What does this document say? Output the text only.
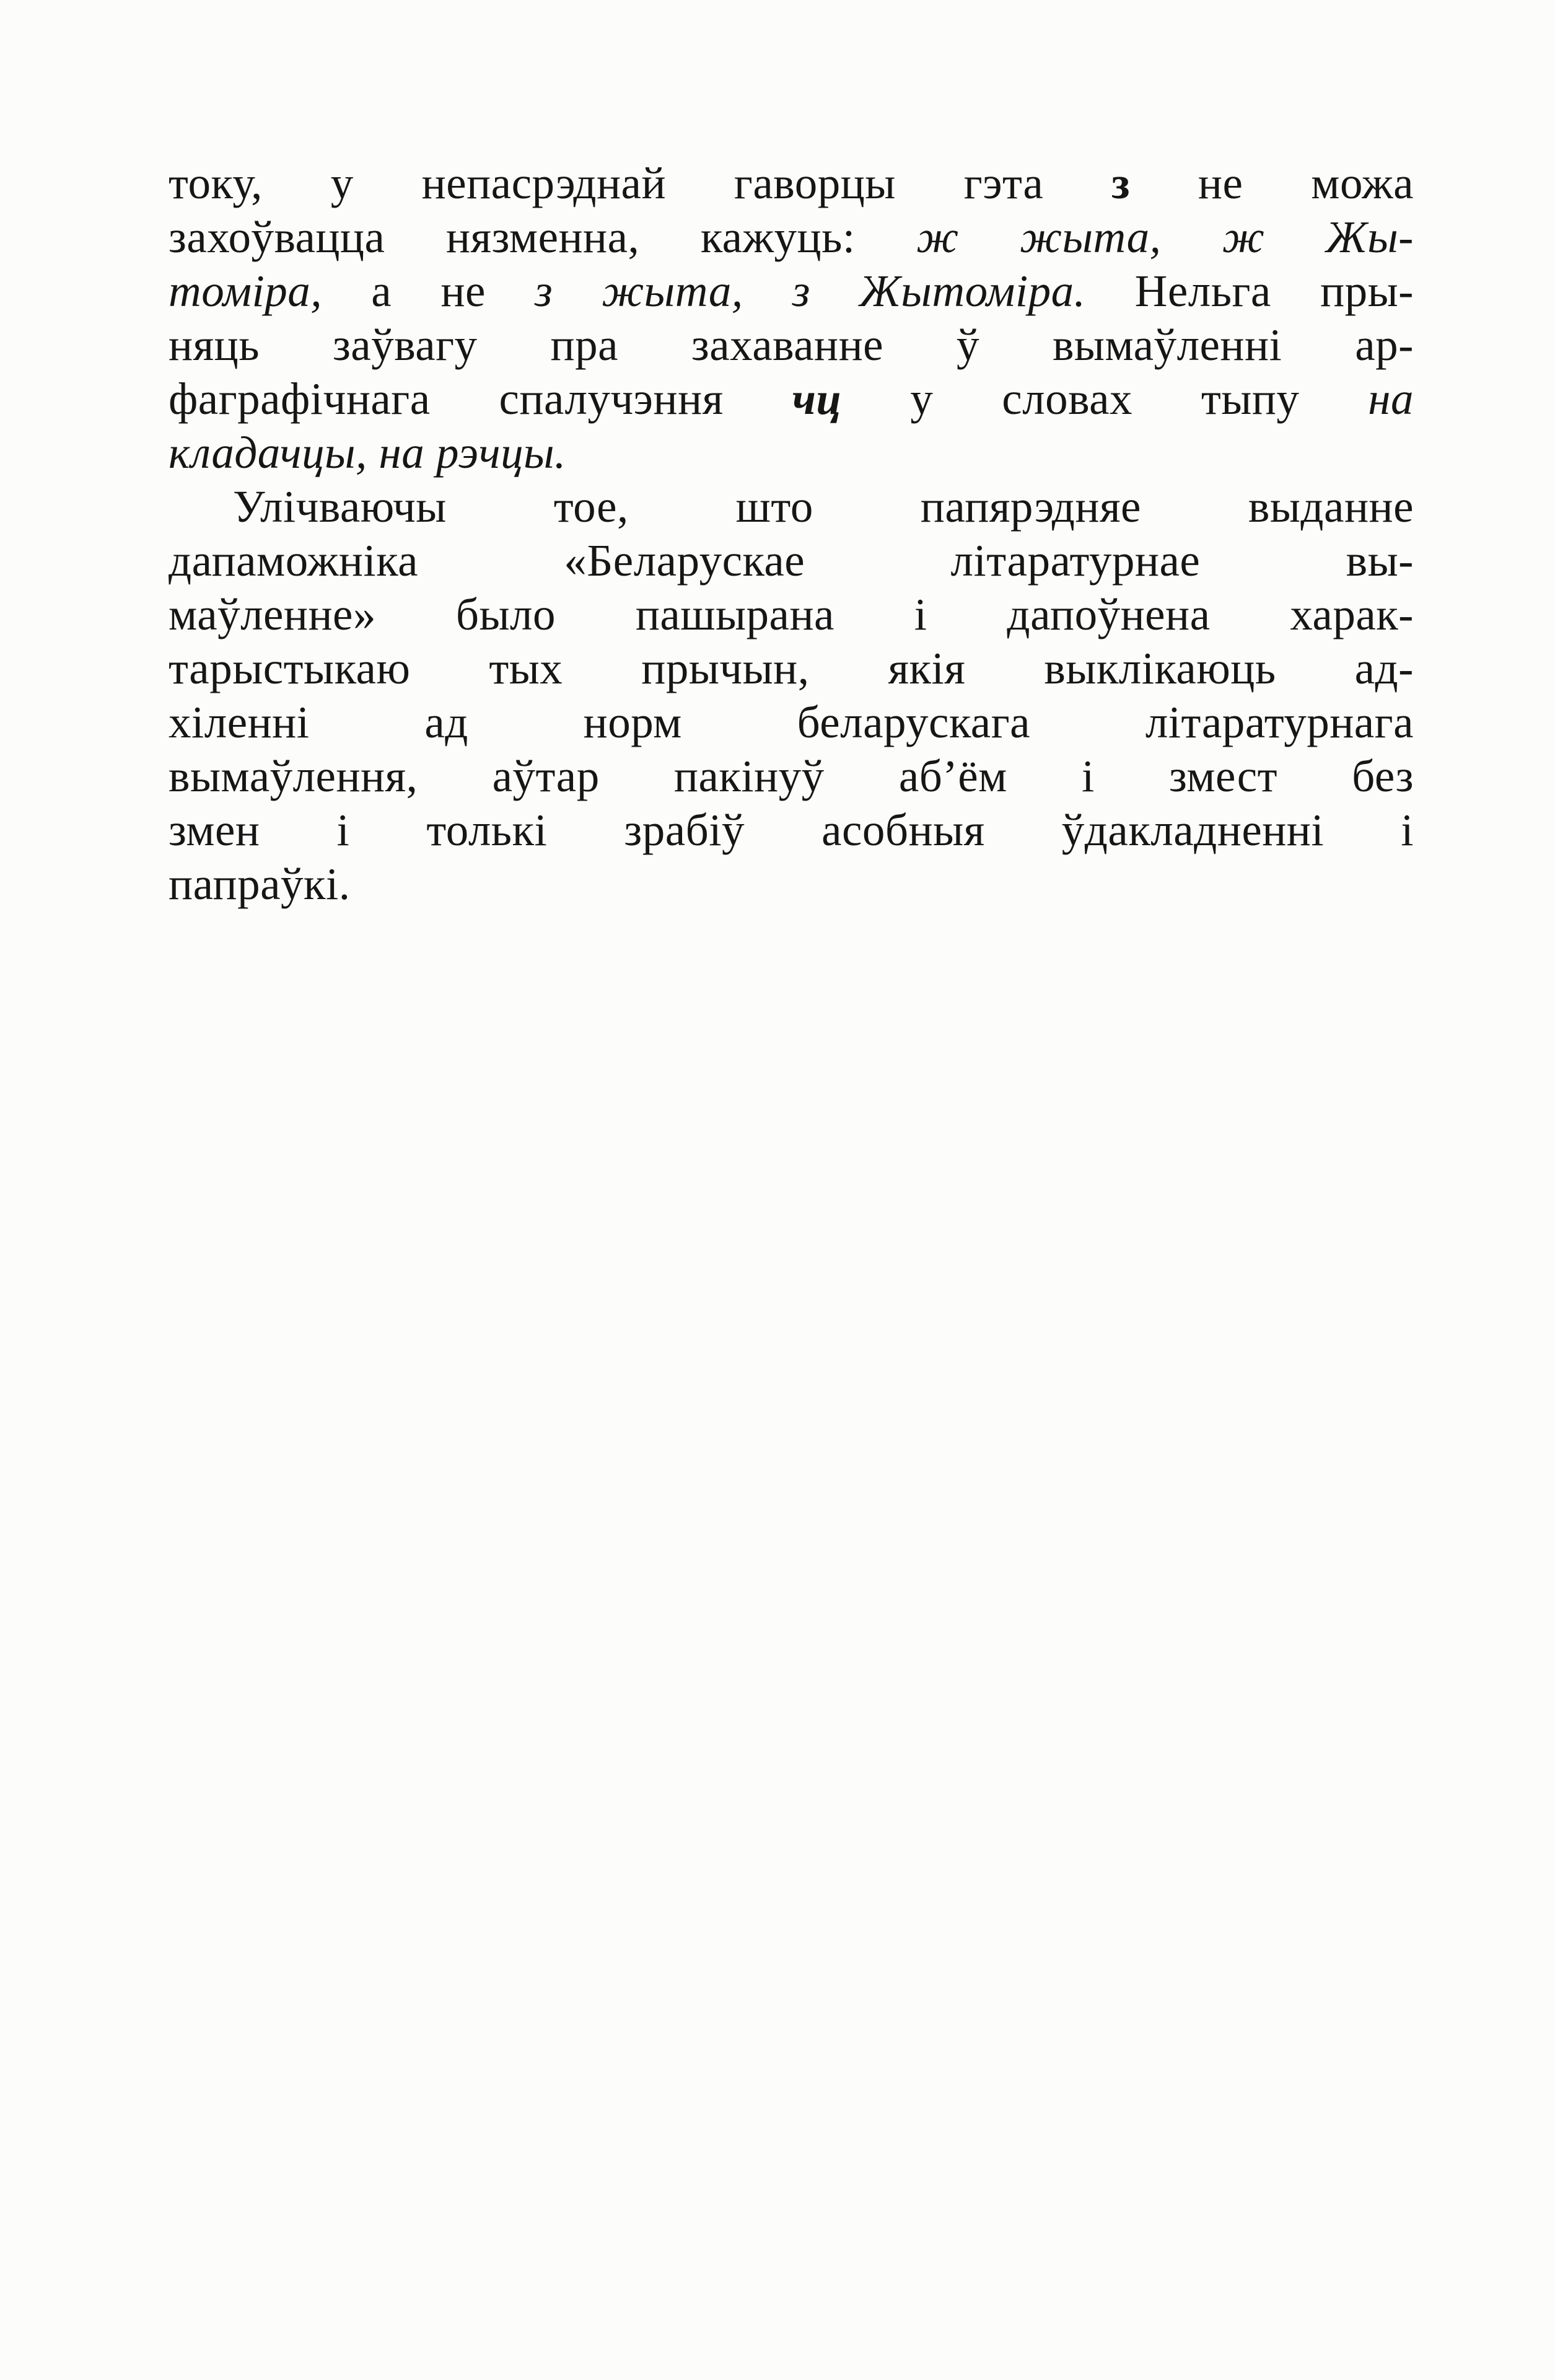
току, у непасрэднай гаворцы гэта з не можа
захоўвацца нязменна, кажуць: ж жыта, ж Жы-
томіра, а не з жыта, з Жытоміра. Нельга пры-
няць заўвагу пра захаванне ў вымаўленні ар-
фаграфічнага спалучэння чц у словах тыпу на
кладачцы, на рэчцы.
Улічваючы тое, што папярэдняе выданне
дапаможніка «Беларускае літаратурнае вы-
маўленне» было пашырана і дапоўнена харак-
тарыстыкаю тых прычын, якія выклікаюць ад-
хіленні ад норм беларускага літаратурнага
вымаўлення, аўтар пакінуў аб’ём і змест без
змен і толькі зрабіў асобныя ўдакладненні і
папраўкі.
